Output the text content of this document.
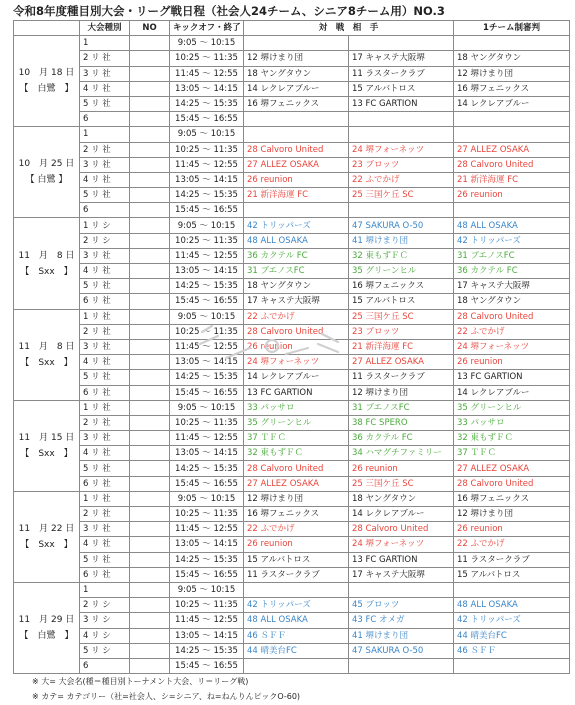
令和8年度種目別大会・リーグ戦日程（社会人24チーム、シニア8チーム用）NO.3
	大会種別	NO	キックオフ・終了	対　戦　相　手		1チーム制審判

10　月 18 日
【　白鷺　】	1		9:05 ～ 10:15			
	2 リ 社		10:25 ～ 11:35	12 堺けまり団	17 キャステ大阪堺	18 ヤングタウン
	3 リ 社		11:45 ～ 12:55	18 ヤングタウン	11 ラスタークラブ	12 堺けまり団
	4 リ 社		13:05 ～ 14:15	14 レクレアブルー	15 アルバトロス	16 堺フェニックス
	5 リ 社		14:25 ～ 15:35	16 堺フェニックス	13 FC GARTION	14 レクレアブルー
	6		15:45 ～ 16:55			

10　月 25 日
【 白鷺 】	1		9:05 ～ 10:15			
	2 リ 社		10:25 ～ 11:35	28 Calvoro United	24 堺フォーネッツ	27 ALLEZ OSAKA
	3 リ 社		11:45 ～ 12:55	27 ALLEZ OSAKA	23 ブロッツ	28 Calvoro United
	4 リ 社		13:05 ～ 14:15	26 reunion	22 ふでかげ	21 新洋海運 FC
	5 リ 社		14:25 ～ 15:35	21 新洋海運 FC	25 三国ケ丘 SC	26 reunion
	6		15:45 ～ 16:55			

11　月　8 日
【　Sxx　】	1 リ シ		9:05 ～ 10:15	42 トリッパーズ	47 SAKURA O-50	48 ALL OSAKA
	2 リ シ		10:25 ～ 11:35	48 ALL OSAKA	41 堺けまり団	42 トリッパーズ
	3 リ 社		11:45 ～ 12:55	36 カクテル FC	32 東もずＦＣ	31 ブエノスFC
	4 リ 社		13:05 ～ 14:15	31 ブエノスFC	35 グリーンヒル	36 カクテル FC
	5 リ 社		14:25 ～ 15:35	18 ヤングタウン	16 堺フェニックス	17 キャステ大阪堺
	6 リ 社		15:45 ～ 16:55	17 キャステ大阪堺	15 アルバトロス	18 ヤングタウン

11　月　8 日
【　Sxx　】	1 リ 社		9:05 ～ 10:15	22 ふでかげ	25 三国ケ丘 SC	28 Calvoro United
	2 リ 社		10:25 ～ 11:35	28 Calvoro United	23 ブロッツ	22 ふでかげ
	3 リ 社		11:45 ～ 12:55	26 reunion	21 新洋海運 FC	24 堺フォーネッツ
	4 リ 社		13:05 ～ 14:15	24 堺フォーネッツ	27 ALLEZ OSAKA	26 reunion
	5 リ 社		14:25 ～ 15:35	14 レクレアブルー	11 ラスタークラブ	13 FC GARTION
	6 リ 社		15:45 ～ 16:55	13 FC GARTION	12 堺けまり団	14 レクレアブルー

11　月 15 日
【　Sxx　】	1 リ 社		9:05 ～ 10:15	33 パッサロ	31 ブエノスFC	35 グリーンヒル
	2 リ 社		10:25 ～ 11:35	35 グリーンヒル	38 FC SPERO	33 パッサロ
	3 リ 社		11:45 ～ 12:55	37 ＴＦＣ	36 カクテル FC	32 東もずＦＣ
	4 リ 社		13:05 ～ 14:15	32 東もずＦＣ	34 ハマグチファミリー	37 ＴＦＣ
	5 リ 社		14:25 ～ 15:35	28 Calvoro United	26 reunion	27 ALLEZ OSAKA
	6 リ 社		15:45 ～ 16:55	27 ALLEZ OSAKA	25 三国ケ丘 SC	28 Calvoro United

11　月 22 日
【　Sxx　】	1 リ 社		9:05 ～ 10:15	12 堺けまり団	18 ヤングタウン	16 堺フェニックス
	2 リ 社		10:25 ～ 11:35	16 堺フェニックス	14 レクレアブルー	12 堺けまり団
	3 リ 社		11:45 ～ 12:55	22 ふでかげ	28 Calvoro United	26 reunion
	4 リ 社		13:05 ～ 14:15	26 reunion	24 堺フォーネッツ	22 ふでかげ
	5 リ 社		14:25 ～ 15:35	15 アルバトロス	13 FC GARTION	11 ラスタークラブ
	6 リ 社		15:45 ～ 16:55	11 ラスタークラブ	17 キャステ大阪堺	15 アルバトロス

11　月 29 日
【　白鷺　】	1		9:05 ～ 10:15			
	2 リ シ		10:25 ～ 11:35	42 トリッパーズ	45 ブロッツ	48 ALL OSAKA
	3 リ シ		11:45 ～ 12:55	48 ALL OSAKA	43 FC オメガ	42 トリッパーズ
	4 リ シ		13:05 ～ 14:15	46 ＳＦＦ	41 堺けまり団	44 晴美台FC
	5 リ シ		14:25 ～ 15:35	44 晴美台FC	47 SAKURA O-50	46 ＳＦＦ
	6		15:45 ～ 16:55			
※ 大= 大会名(種＝種目別トーナメント大会、リ＝リーグ戦)
※ カテ= カテゴリー（社=社会人、シ=シニア、ね=ねんりんピックO-60)
